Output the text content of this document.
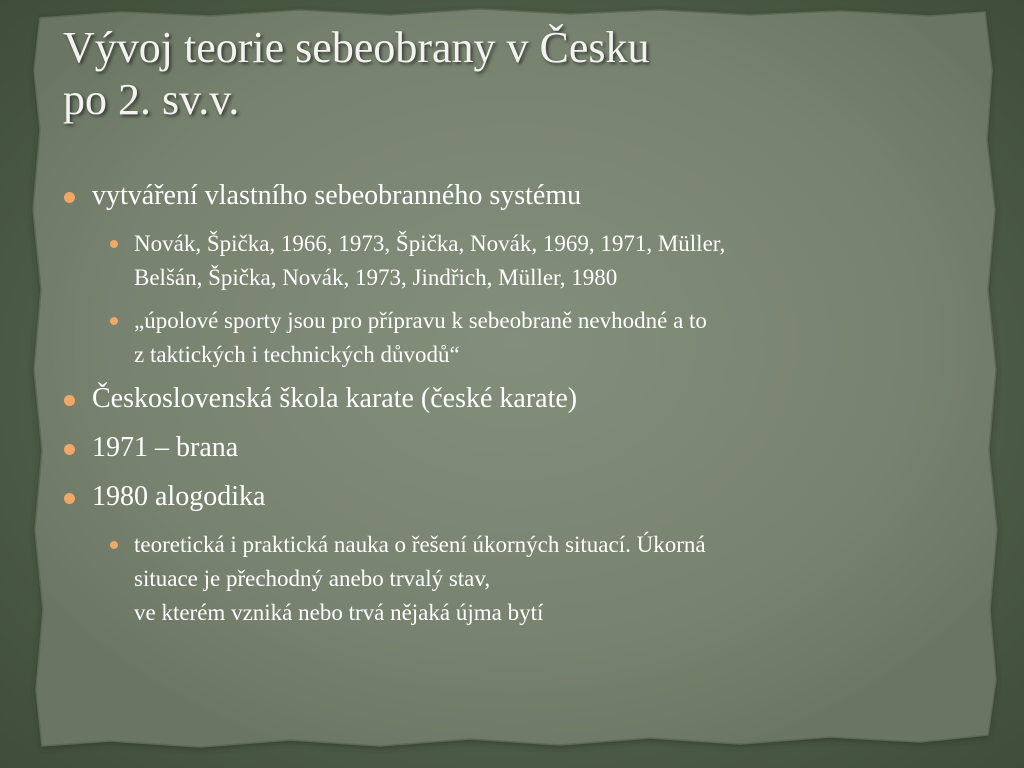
Vývoj teorie sebeobrany v Česku
po 2. sv.v.
vytváření vlastního sebeobranného systému
Novák, Špička, 1966, 1973, Špička, Novák, 1969, 1971, Müller,
Belšán, Špička, Novák, 1973, Jindřich, Müller, 1980
„úpolové sporty jsou pro přípravu k sebeobraně nevhodné a to
z taktických i technických důvodů“
Československá škola karate (české karate)
1971 – brana
1980 alogodika
teoretická i praktická nauka o řešení úkorných situací. Úkorná
situace je přechodný anebo trvalý stav,
ve kterém vzniká nebo trvá nějaká újma bytí
